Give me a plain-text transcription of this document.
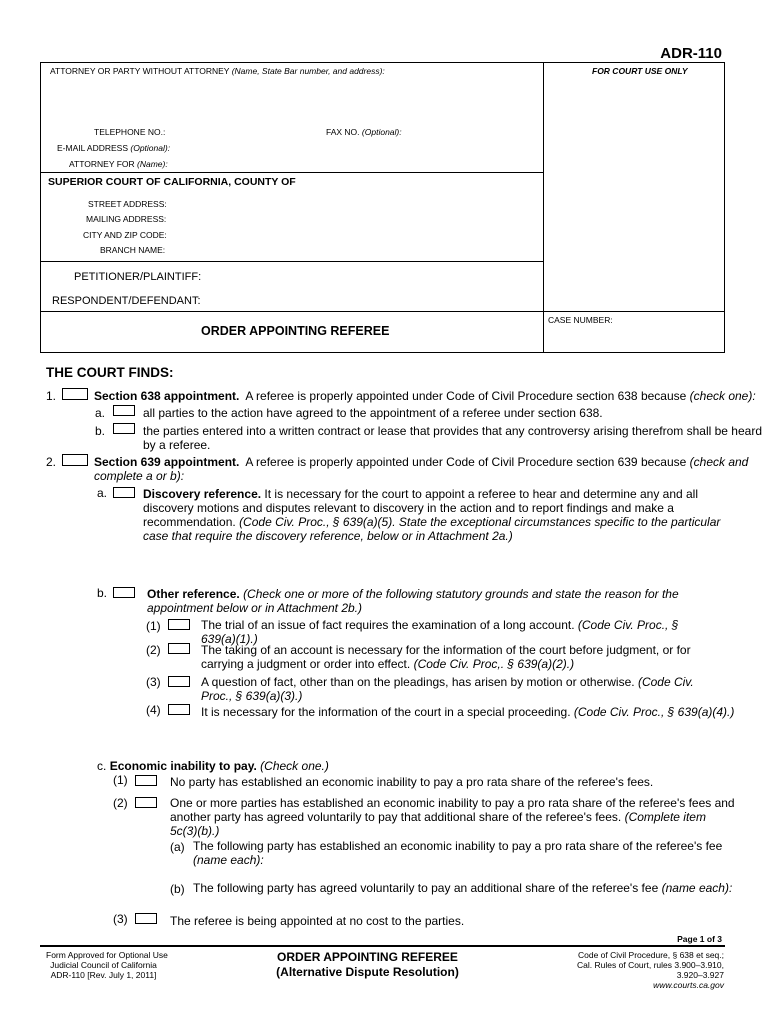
ADR-110
ATTORNEY OR PARTY WITHOUT ATTORNEY (Name, State Bar number, and address):	FOR COURT USE ONLY
TELEPHONE NO.:	FAX NO. (Optional):
E-MAIL ADDRESS (Optional):
ATTORNEY FOR (Name):
SUPERIOR COURT OF CALIFORNIA, COUNTY OF
STREET ADDRESS:
MAILING ADDRESS:
CITY AND ZIP CODE:
BRANCH NAME:
PETITIONER/PLAINTIFF:
RESPONDENT/DEFENDANT:
CASE NUMBER:
ORDER APPOINTING REFEREE
THE COURT FINDS:
1.	Section 638 appointment. A referee is properly appointed under Code of Civil Procedure section 638 because (check one):
a.	all parties to the action have agreed to the appointment of a referee under section 638.
b.	the parties entered into a written contract or lease that provides that any controversy arising therefrom shall be heard
by a referee.
2.	Section 639 appointment. A referee is properly appointed under Code of Civil Procedure section 639 because (check and
complete a or b):
a.	Discovery reference. It is necessary for the court to appoint a referee to hear and determine any and all
discovery motions and disputes relevant to discovery in the action and to report findings and make a
recommendation. (Code Civ. Proc., § 639(a)(5). State the exceptional circumstances specific to the particular
case that require the discovery reference, below or in Attachment 2a.)
b.	Other reference. (Check one or more of the following statutory grounds and state the reason for the
appointment below or in Attachment 2b.)
(1)	The trial of an issue of fact requires the examination of a long account. (Code Civ. Proc., §
639(a)(1).)
(2)	The taking of an account is necessary for the information of the court before judgment, or for
carrying a judgment or order into effect. (Code Civ. Proc,. § 639(a)(2).)
(3)	A question of fact, other than on the pleadings, has arisen by motion or otherwise. (Code Civ.
Proc., § 639(a)(3).)
(4)	It is necessary for the information of the court in a special proceeding. (Code Civ. Proc., § 639(a)(4).)
c. Economic inability to pay. (Check one.)
(1)	No party has established an economic inability to pay a pro rata share of the referee's fees.
(2)	One or more parties has established an economic inability to pay a pro rata share of the referee's fees and
another party has agreed voluntarily to pay that additional share of the referee's fees. (Complete item
5c(3)(b).)
(a) The following party has established an economic inability to pay a pro rata share of the referee's fee
(name each):
(b) The following party has agreed voluntarily to pay an additional share of the referee's fee (name each):
(3)	The referee is being appointed at no cost to the parties.
Page 1 of 3
Form Approved for Optional Use
Judicial Council of California
ADR-110 [Rev. July 1, 2011]
ORDER APPOINTING REFEREE
(Alternative Dispute Resolution)
Code of Civil Procedure, § 638 et seq.;
Cal. Rules of Court, rules 3.900–3.910,
3.920–3.927
www.courts.ca.gov
